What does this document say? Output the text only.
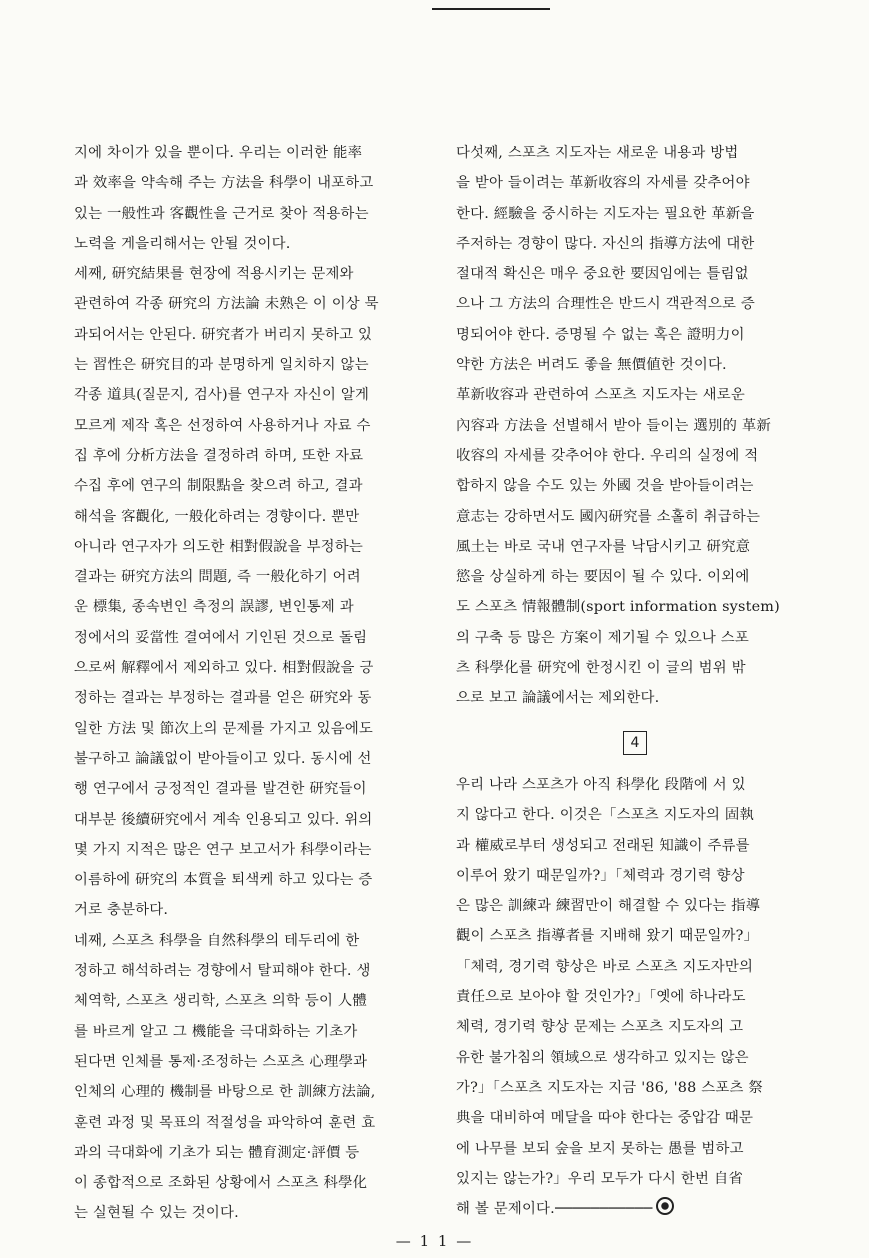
지에 차이가 있을 뿐이다. 우리는 이러한 能率
과 效率을 약속해 주는 方法을 科學이 내포하고
있는 一般性과 客觀性을 근거로 찾아 적용하는
노력을 게을리해서는 안될 것이다.
세째, 研究結果를 현장에 적용시키는 문제와
관련하여 각종 研究의 方法論 未熟은 이 이상 묵
과되어서는 안된다. 研究者가 버리지 못하고 있
는 習性은 研究目的과 분명하게 일치하지 않는
각종 道具(질문지, 검사)를 연구자 자신이 알게
모르게 제작 혹은 선정하여 사용하거나 자료 수
집 후에 分析方法을 결정하려 하며, 또한 자료
수집 후에 연구의 制限點을 찾으려 하고, 결과
해석을 客觀化, 一般化하려는 경향이다. 뿐만
아니라 연구자가 의도한 相對假說을 부정하는
결과는 研究方法의 問題, 즉 一般化하기 어려
운 標集, 종속변인 측정의 誤謬, 변인통제 과
정에서의 妥當性 결여에서 기인된 것으로 돌림
으로써 解釋에서 제외하고 있다. 相對假說을 긍
정하는 결과는 부정하는 결과를 얻은 研究와 동
일한 方法 및 節次上의 문제를 가지고 있음에도
불구하고 論議없이 받아들이고 있다. 동시에 선
행 연구에서 긍정적인 결과를 발견한 研究들이
대부분 後續研究에서 계속 인용되고 있다. 위의
몇 가지 지적은 많은 연구 보고서가 科學이라는
이름하에 研究의 本質을 퇴색케 하고 있다는 증
거로 충분하다.
네째, 스포츠 科學을 自然科學의 테두리에 한
정하고 해석하려는 경향에서 탈피해야 한다. 생
체역학, 스포츠 생리학, 스포츠 의학 등이 人體
를 바르게 알고 그 機能을 극대화하는 기초가
된다면 인체를 통제·조정하는 스포츠 心理學과
인체의 心理的 機制를 바탕으로 한 訓練方法論,
훈련 과정 및 목표의 적절성을 파악하여 훈련 효
과의 극대화에 기초가 되는 體育測定·評價 등
이 종합적으로 조화된 상황에서 스포츠 科學化
는 실현될 수 있는 것이다.
다섯째, 스포츠 지도자는 새로운 내용과 방법
을 받아 들이려는 革新收容의 자세를 갖추어야
한다. 經驗을 중시하는 지도자는 필요한 革新을
주저하는 경향이 많다. 자신의 指導方法에 대한
절대적 확신은 매우 중요한 要因임에는 틀림없
으나 그 方法의 合理性은 반드시 객관적으로 증
명되어야 한다. 증명될 수 없는 혹은 證明力이
약한 方法은 버려도 좋을 無價値한 것이다.
革新收容과 관련하여 스포츠 지도자는 새로운
內容과 方法을 선별해서 받아 들이는 選別的 革新
收容의 자세를 갖추어야 한다. 우리의 실정에 적
합하지 않을 수도 있는 外國 것을 받아들이려는
意志는 강하면서도 國內研究를 소홀히 취급하는
風土는 바로 국내 연구자를 낙담시키고 研究意
慾을 상실하게 하는 要因이 될 수 있다. 이외에
도 스포츠 情報體制(sport information system)
의 구축 등 많은 方案이 제기될 수 있으나 스포
츠 科學化를 研究에 한정시킨 이 글의 범위 밖
으로 보고 論議에서는 제외한다.
4
우리 나라 스포츠가 아직 科學化 段階에 서 있
지 않다고 한다. 이것은「스포츠 지도자의 固執
과 權威로부터 생성되고 전래된 知識이 주류를
이루어 왔기 때문일까?」「체력과 경기력 향상
은 많은 訓練과 練習만이 해결할 수 있다는 指導
觀이 스포츠 指導者를 지배해 왔기 때문일까?」
「체력, 경기력 향상은 바로 스포츠 지도자만의
責任으로 보아야 할 것인가?」「옛에 하나라도
체력, 경기력 향상 문제는 스포츠 지도자의 고
유한 불가침의 領域으로 생각하고 있지는 않은
가?」「스포츠 지도자는 지금 '86, '88 스포츠 祭
典을 대비하여 메달을 따야 한다는 중압감 때문
에 나무를 보되 숲을 보지 못하는 愚를 범하고
있지는 않는가?」우리 모두가 다시 한번 自省
해 볼 문제이다.───────────
— 1 1 —
